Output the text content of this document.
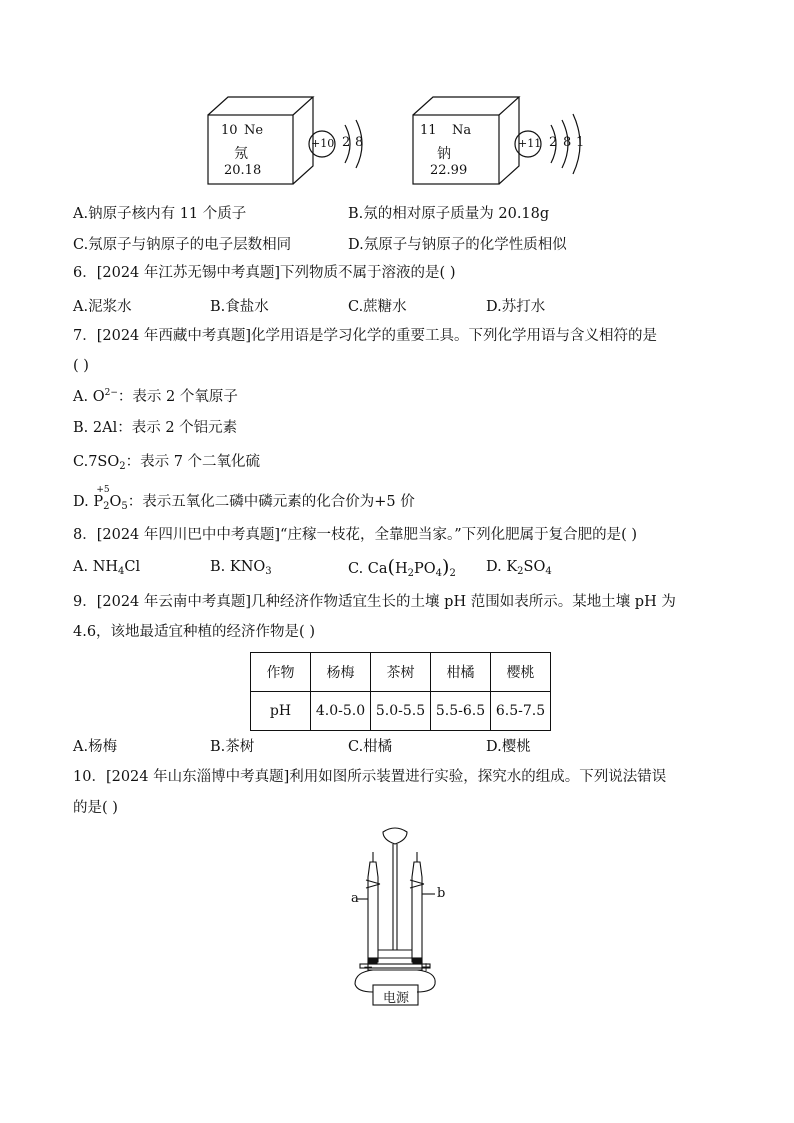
10 Ne
氖
20.18
+10 2 8
11 Na
钠
22.99
+11 2 8 1
A.钠原子核内有 11 个质子	B.氖的相对原子质量为 20.18g
C.氖原子与钠原子的电子层数相同	D.氖原子与钠原子的化学性质相似
6．[2024 年江苏无锡中考真题]下列物质不属于溶液的是( )
A.泥浆水	B.食盐水	C.蔗糖水	D.苏打水
7．[2024 年西藏中考真题]化学用语是学习化学的重要工具。下列化学用语与含义相符的是
( )
A. $O^{2-}$：表示 2 个氧原子
B. 2Al：表示 2 个铝元素
$C.7SO_2$：表示 7 个二氧化硫
D.
+5
$P_2O_5$：表示五氧化二磷中磷元素的化合价为+5 价
8．[2024 年四川巴中中考真题]“庄稼一枝花，全靠肥当家。”下列化肥属于复合肥的是( )
A. $NH_4Cl$	B. $KNO_3$	C. $Ca(H_2PO_4)_2$ D. $K_2SO_4$
9．[2024 年云南中考真题]几种经济作物适宜生长的土壤 pH 范围如表所示。某地土壤 pH 为
4.6，该地最适宜种植的经济作物是( )
作物	杨梅	茶树	柑橘	樱桃
pH	4.0-5.0	5.0-5.5	5.5-6.5	6.5-7.5
A.杨梅	B.茶树	C.柑橘	D.樱桃
10．[2024 年山东淄博中考真题]利用如图所示装置进行实验，探究水的组成。下列说法错误
的是( )
a	b
−	+
电源
